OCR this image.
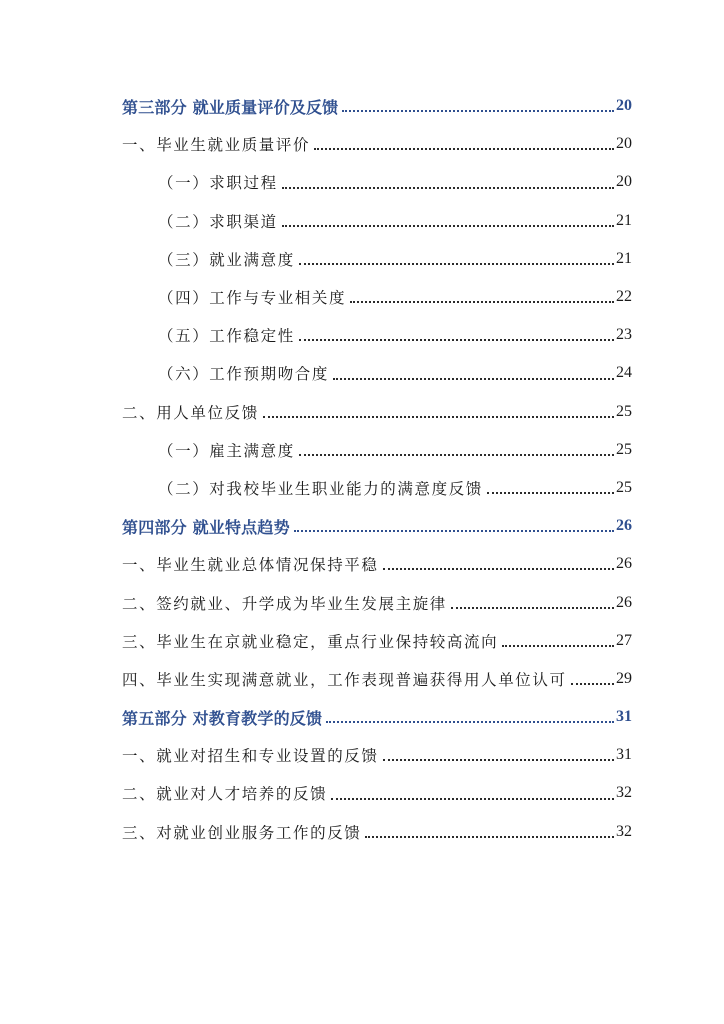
第三部分 就业质量评价及反馈	20
一、毕业生就业质量评价	20
（一）求职过程	20
（二）求职渠道	21
（三）就业满意度	21
（四）工作与专业相关度	22
（五）工作稳定性	23
（六）工作预期吻合度	24
二、用人单位反馈	25
（一）雇主满意度	25
（二）对我校毕业生职业能力的满意度反馈	25
第四部分 就业特点趋势	26
一、毕业生就业总体情况保持平稳	26
二、签约就业、升学成为毕业生发展主旋律	26
三、毕业生在京就业稳定，重点行业保持较高流向	27
四、毕业生实现满意就业，工作表现普遍获得用人单位认可	29
第五部分 对教育教学的反馈	31
一、就业对招生和专业设置的反馈	31
二、就业对人才培养的反馈	32
三、对就业创业服务工作的反馈	32
